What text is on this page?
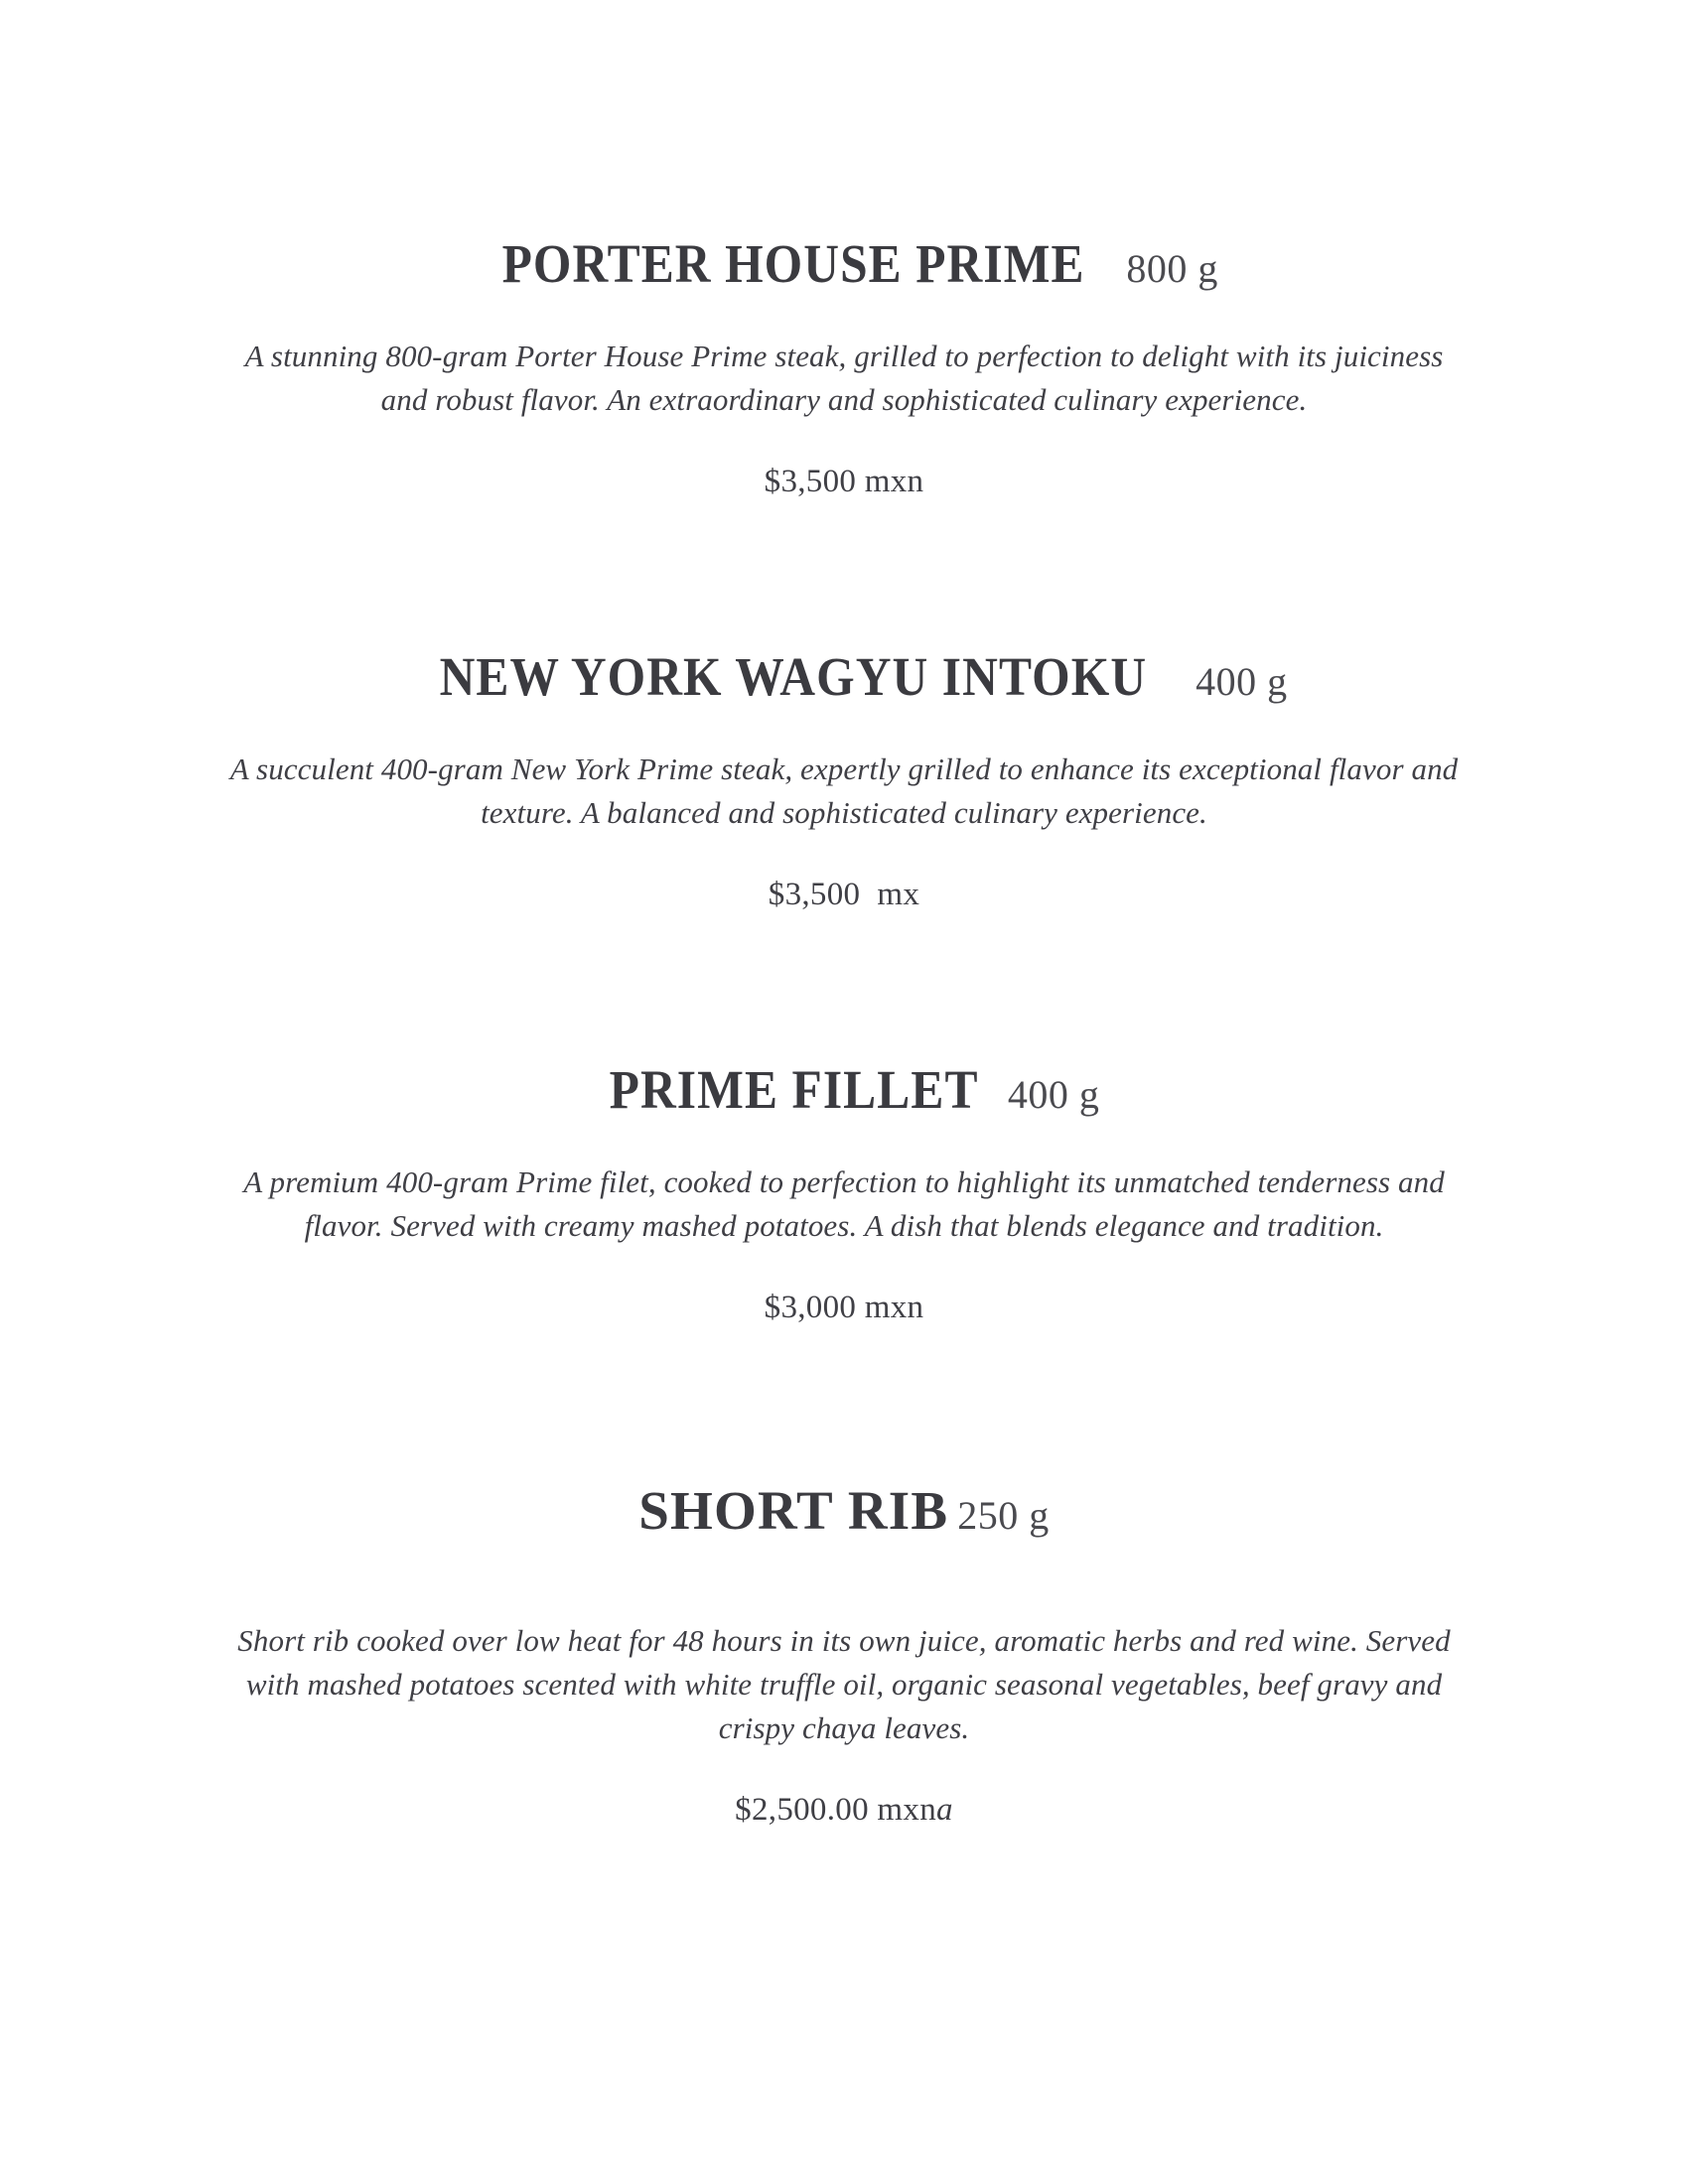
PORTER HOUSE PRIME 800 g

A stunning 800-gram Porter House Prime steak, grilled to perfection to delight with its juiciness and robust flavor. An extraordinary and sophisticated culinary experience.

$3,500 mxn

NEW YORK WAGYU INTOKU 400 g

A succulent 400-gram New York Prime steak, expertly grilled to enhance its exceptional flavor and texture. A balanced and sophisticated culinary experience.

$3,500  mx

PRIME FILLET 400 g

A premium 400-gram Prime filet, cooked to perfection to highlight its unmatched tenderness and flavor. Served with creamy mashed potatoes. A dish that blends elegance and tradition.

$3,000 mxn

SHORT RIB 250 g

Short rib cooked over low heat for 48 hours in its own juice, aromatic herbs and red wine. Served with mashed potatoes scented with white truffle oil, organic seasonal vegetables, beef gravy and crispy chaya leaves.

$2,500.00 mxna
